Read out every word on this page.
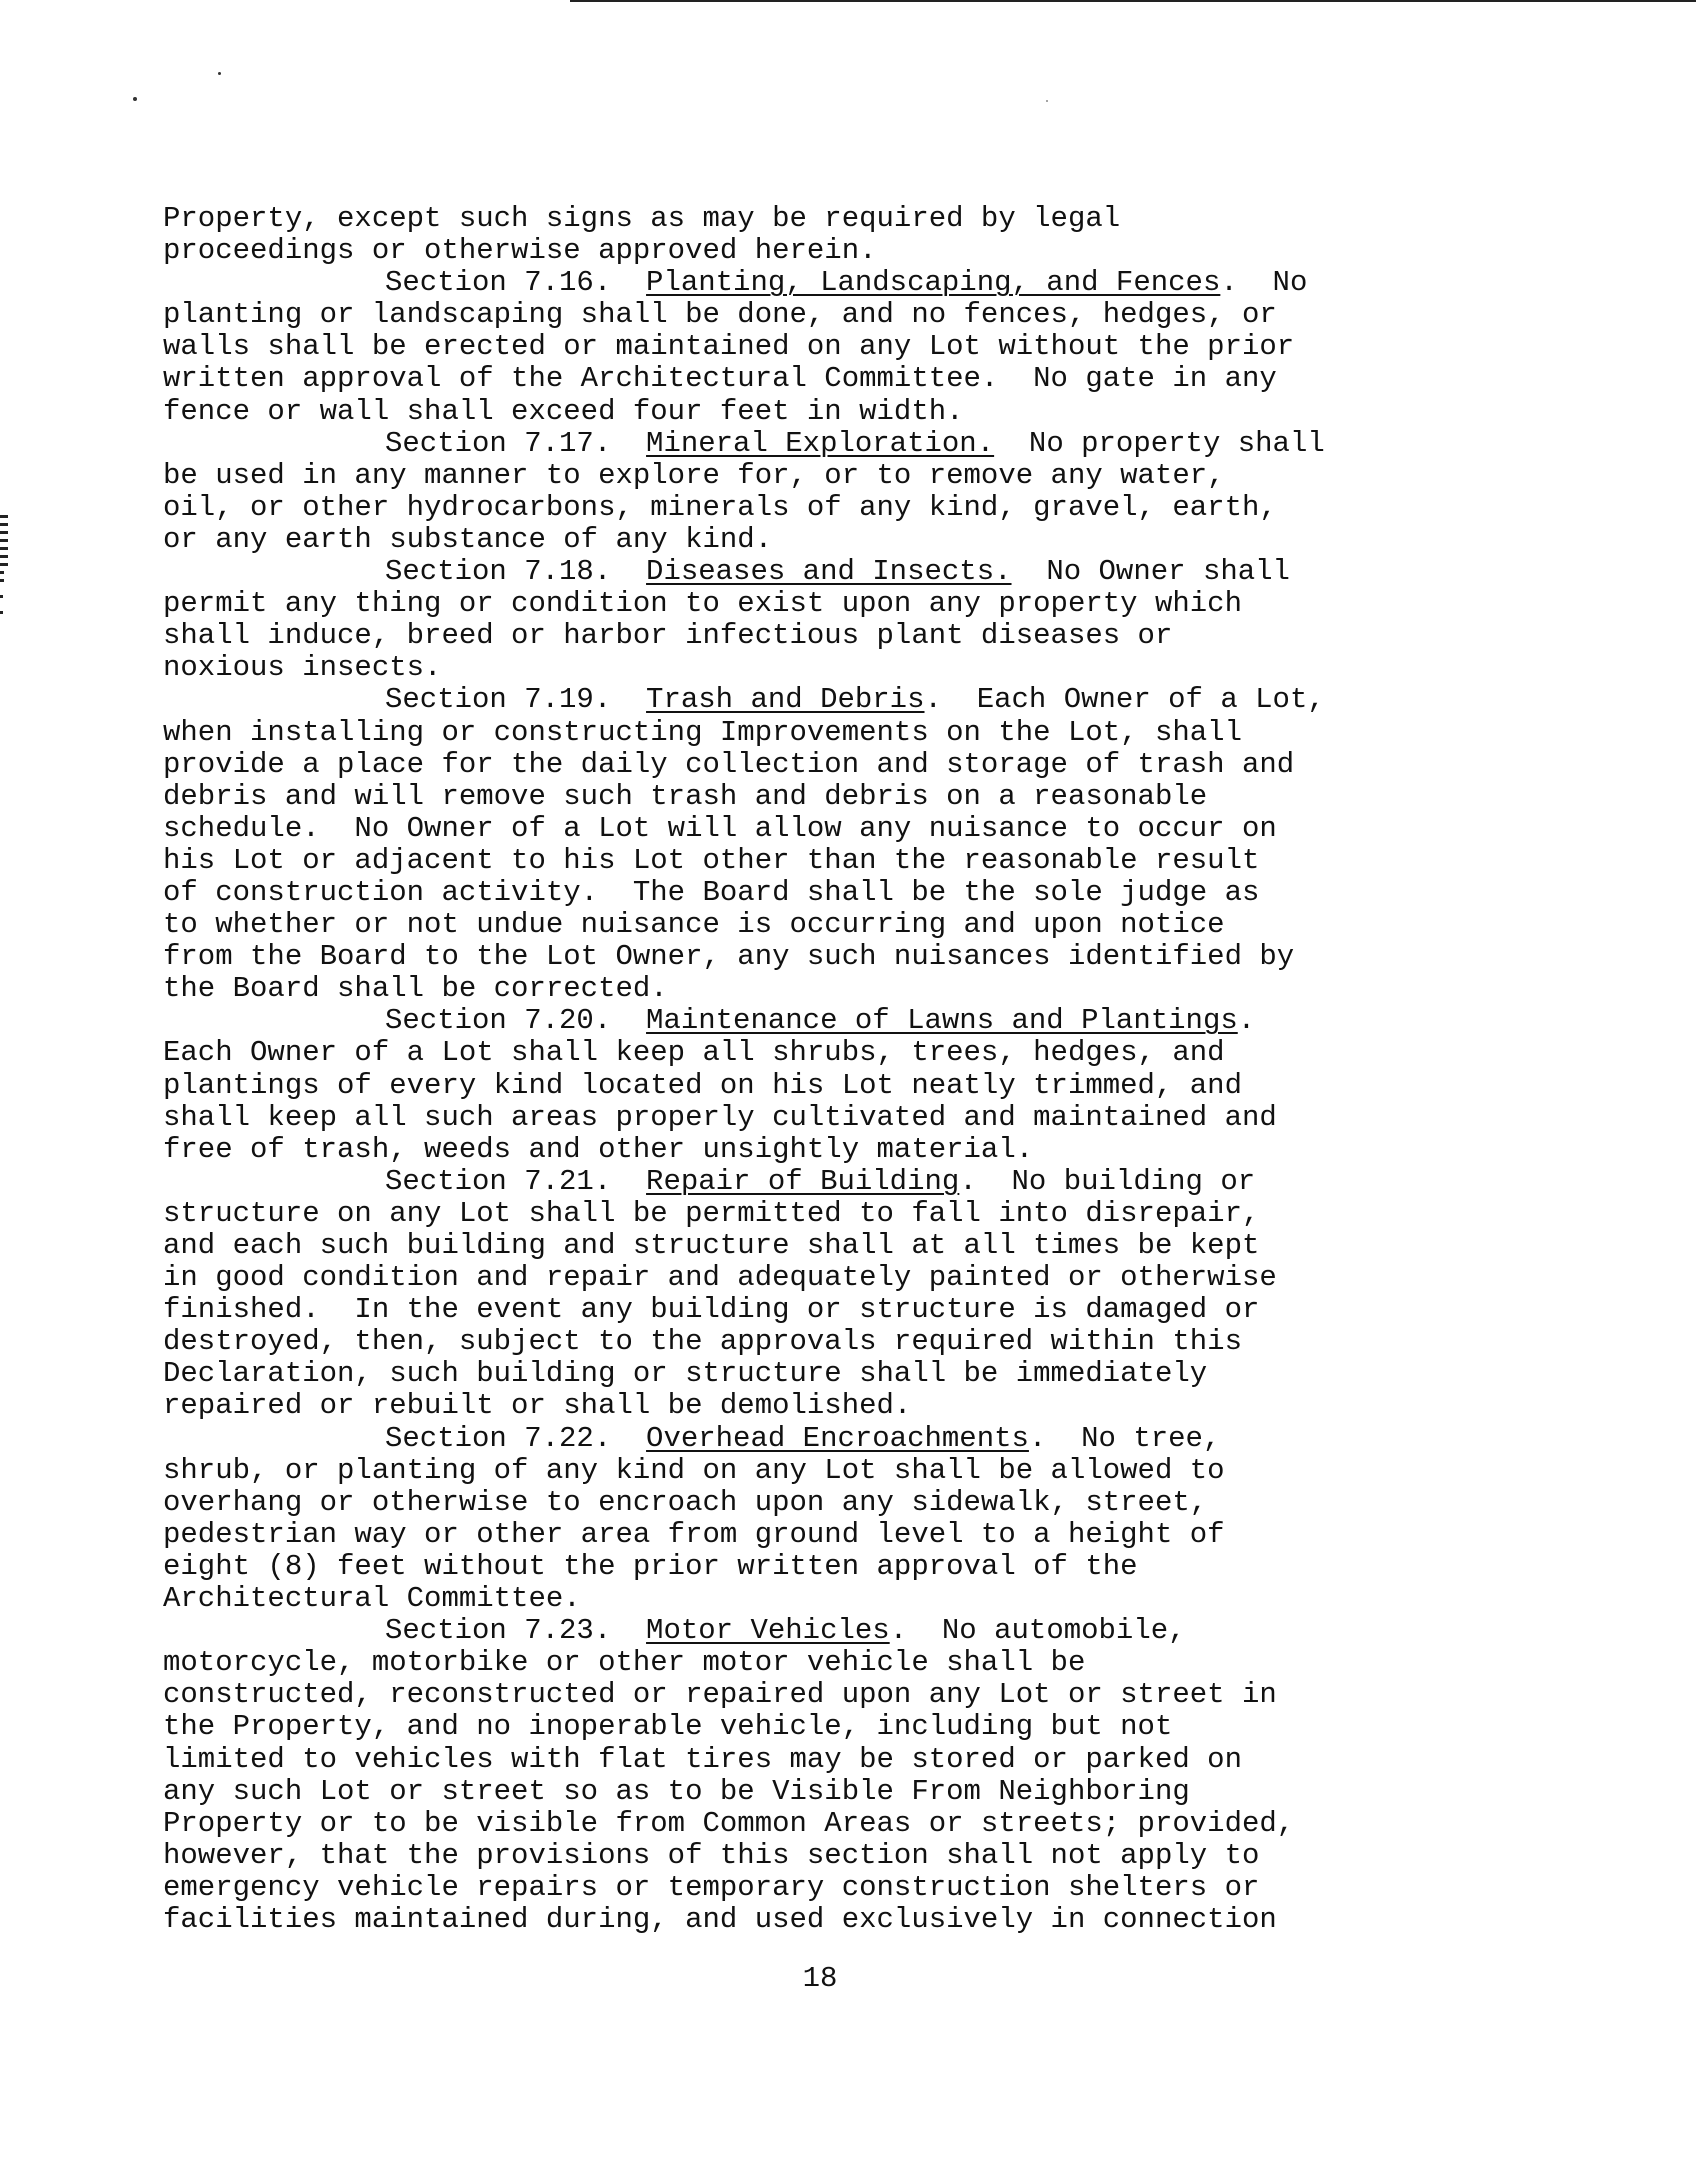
Property, except such signs as may be required by legal
proceedings or otherwise approved herein.
Section 7.16.  Planting, Landscaping, and Fences.  No
planting or landscaping shall be done, and no fences, hedges, or
walls shall be erected or maintained on any Lot without the prior
written approval of the Architectural Committee.  No gate in any
fence or wall shall exceed four feet in width.
Section 7.17.  Mineral Exploration.  No property shall
be used in any manner to explore for, or to remove any water,
oil, or other hydrocarbons, minerals of any kind, gravel, earth,
or any earth substance of any kind.
Section 7.18.  Diseases and Insects.  No Owner shall
permit any thing or condition to exist upon any property which
shall induce, breed or harbor infectious plant diseases or
noxious insects.
Section 7.19.  Trash and Debris.  Each Owner of a Lot,
when installing or constructing Improvements on the Lot, shall
provide a place for the daily collection and storage of trash and
debris and will remove such trash and debris on a reasonable
schedule.  No Owner of a Lot will allow any nuisance to occur on
his Lot or adjacent to his Lot other than the reasonable result
of construction activity.  The Board shall be the sole judge as
to whether or not undue nuisance is occurring and upon notice
from the Board to the Lot Owner, any such nuisances identified by
the Board shall be corrected.
Section 7.20.  Maintenance of Lawns and Plantings.
Each Owner of a Lot shall keep all shrubs, trees, hedges, and
plantings of every kind located on his Lot neatly trimmed, and
shall keep all such areas properly cultivated and maintained and
free of trash, weeds and other unsightly material.
Section 7.21.  Repair of Building.  No building or
structure on any Lot shall be permitted to fall into disrepair,
and each such building and structure shall at all times be kept
in good condition and repair and adequately painted or otherwise
finished.  In the event any building or structure is damaged or
destroyed, then, subject to the approvals required within this
Declaration, such building or structure shall be immediately
repaired or rebuilt or shall be demolished.
Section 7.22.  Overhead Encroachments.  No tree,
shrub, or planting of any kind on any Lot shall be allowed to
overhang or otherwise to encroach upon any sidewalk, street,
pedestrian way or other area from ground level to a height of
eight (8) feet without the prior written approval of the
Architectural Committee.
Section 7.23.  Motor Vehicles.  No automobile,
motorcycle, motorbike or other motor vehicle shall be
constructed, reconstructed or repaired upon any Lot or street in
the Property, and no inoperable vehicle, including but not
limited to vehicles with flat tires may be stored or parked on
any such Lot or street so as to be Visible From Neighboring
Property or to be visible from Common Areas or streets; provided,
however, that the provisions of this section shall not apply to
emergency vehicle repairs or temporary construction shelters or
facilities maintained during, and used exclusively in connection
18
